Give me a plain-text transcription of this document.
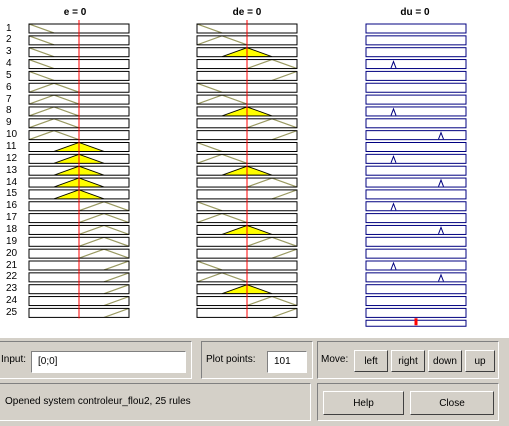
e = 0	de = 0	du = 0
1
2
3
4
5
6
7
8
9
10
11
12
13
14
15
16
17
18
19
20
21
22
23
24
25
Input:	[0;0]	Plot points:	101	Move:	left	right	down	up
Opened system controleur_flou2, 25 rules	Help	Close
